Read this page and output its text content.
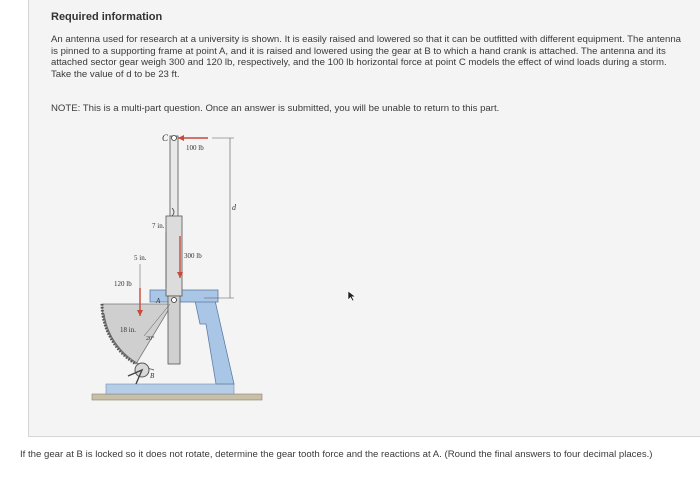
Required information
An antenna used for research at a university is shown. It is easily raised and lowered so that it can be outfitted with different equipment. The antenna is pinned to a supporting frame at point A, and it is raised and lowered using the gear at B to which a hand crank is attached. The antenna and its attached sector gear weigh 300 and 120 lb, respectively, and the 100 lb horizontal force at point C models the effect of wind loads during a storm. Take the value of d to be 23 ft.
NOTE: This is a multi-part question. Once an answer is submitted, you will be unable to return to this part.
C
100 lb
d
7 in.
300 lb
5 in.
120 lb
A
18 in.
20°
B
If the gear at B is locked so it does not rotate, determine the gear tooth force and the reactions at A. (Round the final answers to four decimal places.)
